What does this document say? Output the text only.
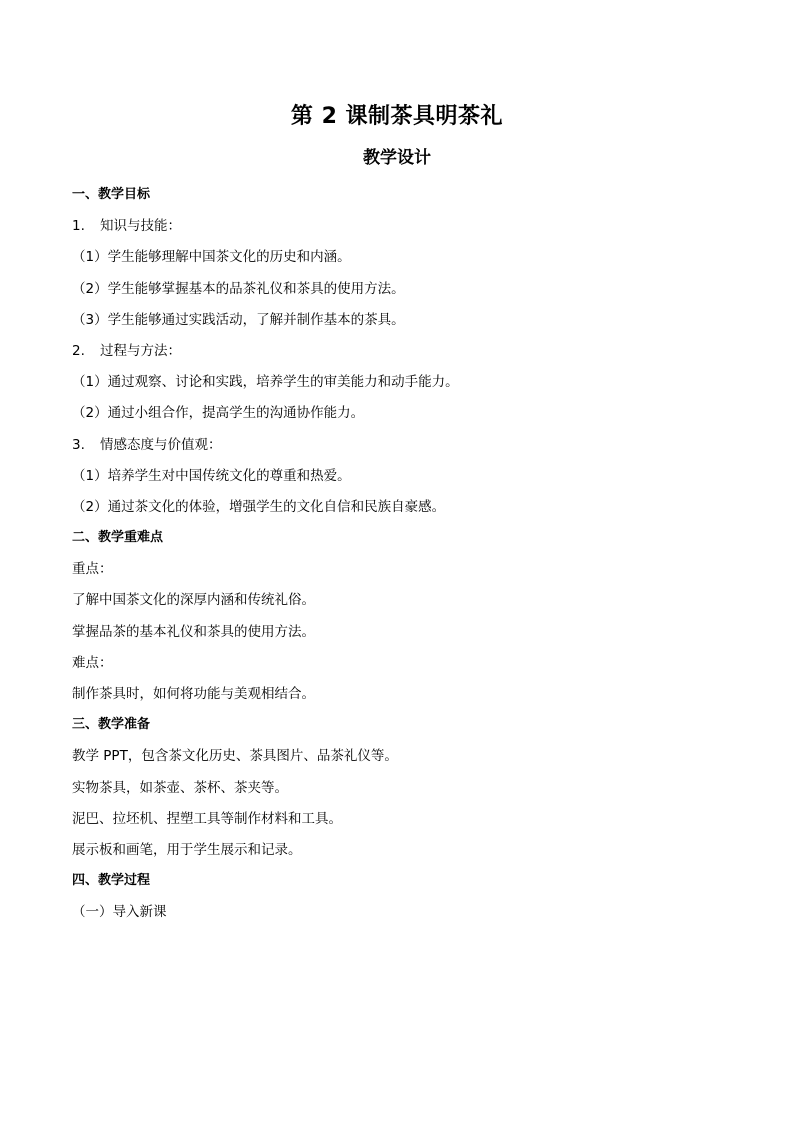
第 2 课制茶具明茶礼
教学设计
一、教学目标
1. 知识与技能：
（1）学生能够理解中国茶文化的历史和内涵。
（2）学生能够掌握基本的品茶礼仪和茶具的使用方法。
（3）学生能够通过实践活动，了解并制作基本的茶具。
2. 过程与方法：
（1）通过观察、讨论和实践，培养学生的审美能力和动手能力。
（2）通过小组合作，提高学生的沟通协作能力。
3. 情感态度与价值观：
（1）培养学生对中国传统文化的尊重和热爱。
（2）通过茶文化的体验，增强学生的文化自信和民族自豪感。
二、教学重难点
重点：
了解中国茶文化的深厚内涵和传统礼俗。
掌握品茶的基本礼仪和茶具的使用方法。
难点：
制作茶具时，如何将功能与美观相结合。
三、教学准备
教学 PPT，包含茶文化历史、茶具图片、品茶礼仪等。
实物茶具，如茶壶、茶杯、茶夹等。
泥巴、拉坯机、捏塑工具等制作材料和工具。
展示板和画笔，用于学生展示和记录。
四、教学过程
（一）导入新课
